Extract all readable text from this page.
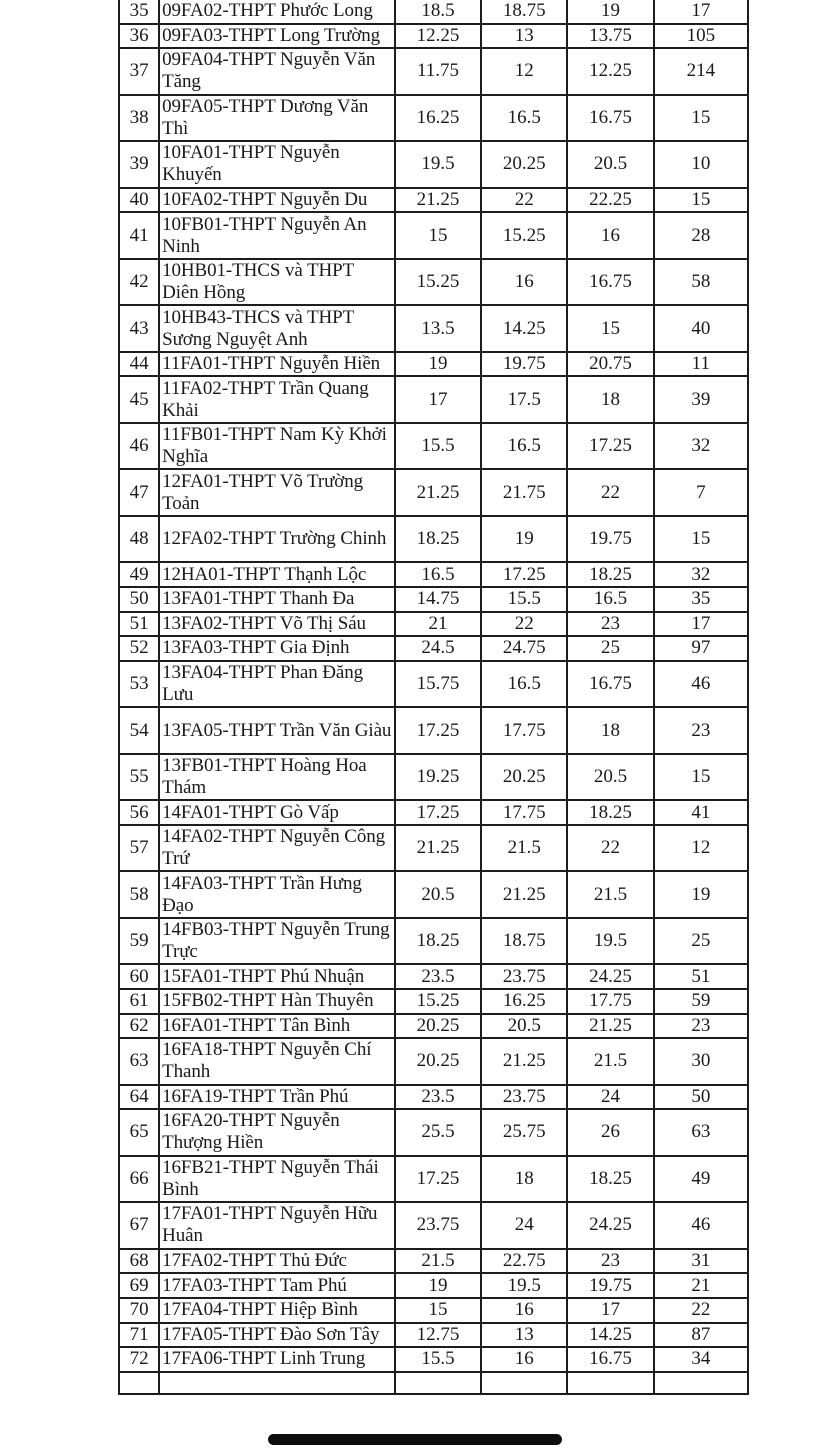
35	09FA02-THPT Phước Long	18.5	18.75	19	17
36	09FA03-THPT Long Trường	12.25	13	13.75	105
37	09FA04-THPT Nguyễn Văn Tăng	11.75	12	12.25	214
38	09FA05-THPT Dương Văn Thì	16.25	16.5	16.75	15
39	10FA01-THPT Nguyễn Khuyến	19.5	20.25	20.5	10
40	10FA02-THPT Nguyễn Du	21.25	22	22.25	15
41	10FB01-THPT Nguyễn An Ninh	15	15.25	16	28
42	10HB01-THCS và THPT Diên Hồng	15.25	16	16.75	58
43	10HB43-THCS và THPT Sương Nguyệt Anh	13.5	14.25	15	40
44	11FA01-THPT Nguyễn Hiền	19	19.75	20.75	11
45	11FA02-THPT Trần Quang Khải	17	17.5	18	39
46	11FB01-THPT Nam Kỳ Khởi Nghĩa	15.5	16.5	17.25	32
47	12FA01-THPT Võ Trường Toản	21.25	21.75	22	7
48	12FA02-THPT Trường Chinh	18.25	19	19.75	15
49	12HA01-THPT Thạnh Lộc	16.5	17.25	18.25	32
50	13FA01-THPT Thanh Đa	14.75	15.5	16.5	35
51	13FA02-THPT Võ Thị Sáu	21	22	23	17
52	13FA03-THPT Gia Định	24.5	24.75	25	97
53	13FA04-THPT Phan Đăng Lưu	15.75	16.5	16.75	46
54	13FA05-THPT Trần Văn Giàu	17.25	17.75	18	23
55	13FB01-THPT Hoàng Hoa Thám	19.25	20.25	20.5	15
56	14FA01-THPT Gò Vấp	17.25	17.75	18.25	41
57	14FA02-THPT Nguyễn Công Trứ	21.25	21.5	22	12
58	14FA03-THPT Trần Hưng Đạo	20.5	21.25	21.5	19
59	14FB03-THPT Nguyễn Trung Trực	18.25	18.75	19.5	25
60	15FA01-THPT Phú Nhuận	23.5	23.75	24.25	51
61	15FB02-THPT Hàn Thuyên	15.25	16.25	17.75	59
62	16FA01-THPT Tân Bình	20.25	20.5	21.25	23
63	16FA18-THPT Nguyễn Chí Thanh	20.25	21.25	21.5	30
64	16FA19-THPT Trần Phú	23.5	23.75	24	50
65	16FA20-THPT Nguyễn Thượng Hiền	25.5	25.75	26	63
66	16FB21-THPT Nguyễn Thái Bình	17.25	18	18.25	49
67	17FA01-THPT Nguyễn Hữu Huân	23.75	24	24.25	46
68	17FA02-THPT Thủ Đức	21.5	22.75	23	31
69	17FA03-THPT Tam Phú	19	19.5	19.75	21
70	17FA04-THPT Hiệp Bình	15	16	17	22
71	17FA05-THPT Đào Sơn Tây	12.75	13	14.25	87
72	17FA06-THPT Linh Trung	15.5	16	16.75	34
